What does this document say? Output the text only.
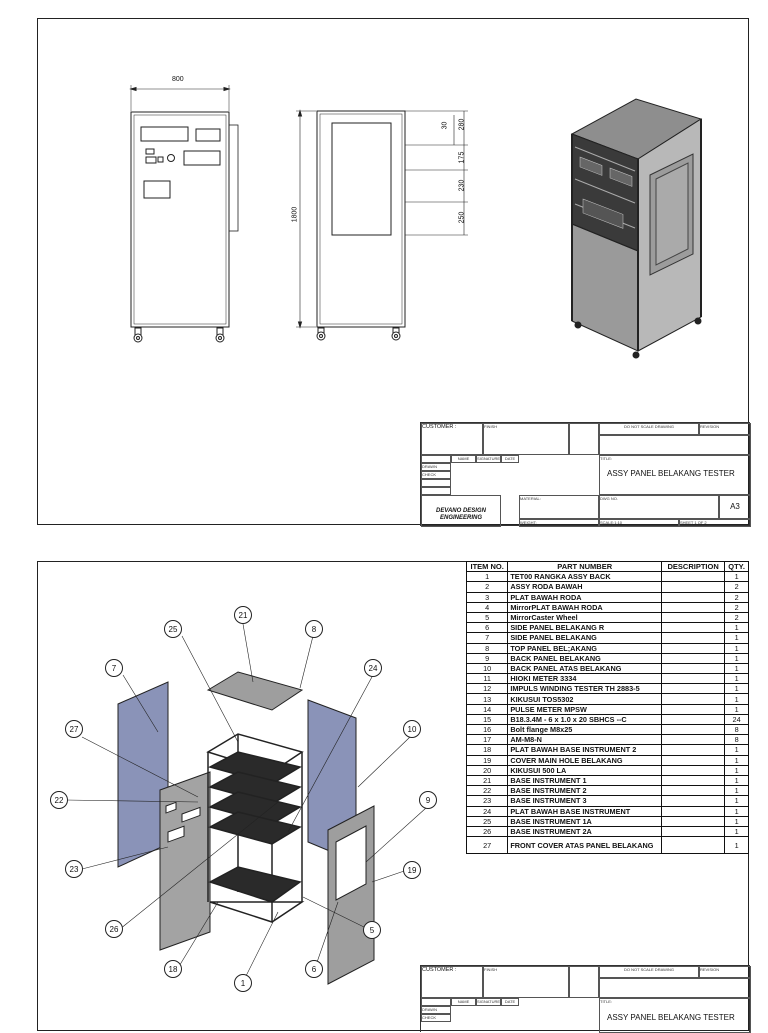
800
1800
30 280
175
230
250
CUSTOMER :	FINISH	DO NOT SCALE DRAWING	REVISION
NAME	SIGNATURE	DATE
DRAWN
CHECK
TITLE:
ASSY PANEL BELAKANG TESTER
DEVANO DESIGN ENGINEERING
MATERIAL:	DWG NO.
A3
WEIGHT:	SCALE:1:10	SHEET 1 OF 2
25
21
8
7	24
27	10
22	9
23	19
26	5
18
1
6	CUSTOMER :	FINISH	DO NOT SCALE DRAWING	REVISION
NAME	SIGNATURE	DATE
DRAWN
CHECK
TITLE:
ASSY PANEL BELAKANG TESTER
ITEM NO.	PART NUMBER	DESCRIPTION	QTY.
1	TET00 RANGKA ASSY BACK		1
2	ASSY RODA BAWAH		2
3	PLAT BAWAH RODA		2
4	MirrorPLAT BAWAH RODA		2
5	MirrorCaster Wheel		2
6	SIDE PANEL BELAKANG R		1
7	SIDE PANEL BELAKANG		1
8	TOP PANEL BEL;AKANG		1
9	BACK PANEL BELAKANG		1
10	BACK PANEL ATAS BELAKANG		1
11	HIOKI METER 3334		1
12	IMPULS WINDING TESTER TH 2883-5		1
13	KIKUSUI TOS5302		1
14	PULSE METER MPSW		1
15	B18.3.4M - 6 x 1.0 x 20 SBHCS --C		24
16	Bolt flange M8x25		8
17	AM-M8-N		8
18	PLAT BAWAH BASE INSTRUMENT 2		1
19	COVER MAIN HOLE BELAKANG		1
20	KIKUSUI 500 LA		1
21	BASE INSTRUMENT 1		1
22	BASE INSTRUMENT 2		1
23	BASE INSTRUMENT 3		1
24	PLAT BAWAH BASE INSTRUMENT		1
25	BASE INSTRUMENT 1A		1
26	BASE INSTRUMENT 2A		1
27	FRONT COVER ATAS PANEL BELAKANG		1
